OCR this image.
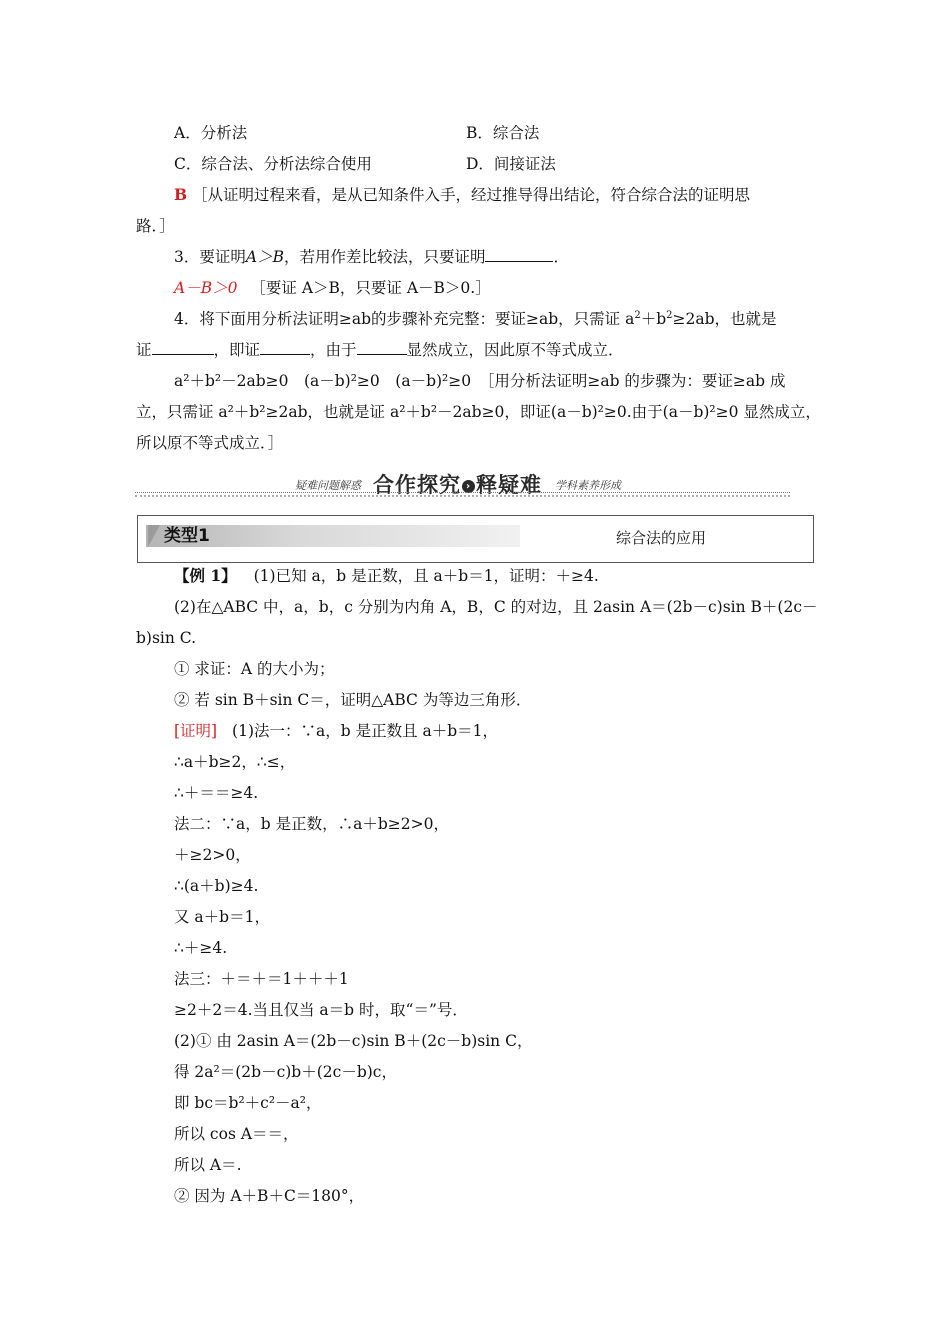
A．分析法	B．综合法
C．综合法、分析法综合使用	D．间接证法
B ［从证明过程来看，是从已知条件入手，经过推导得出结论，符合综合法的证明思
路．］
3．要证明A＞B，若用作差比较法，只要证明	．
A－B＞0 ［要证 A＞B，只要证 A－B＞0.］
4．将下面用分析法证明≥ab的步骤补充完整：要证≥ab，只需证 $a^2+b^2\ge 2ab$，也就是
证	，即证	，由于	显然成立，因此原不等式成立．
a²＋b²－2ab≥0　(a－b)²≥0　(a－b)²≥0　［用分析法证明≥ab 的步骤为：要证≥ab 成
立，只需证 a²＋b²≥2ab，也就是证 a²＋b²－2ab≥0，即证(a－b)²≥0.由于(a－b)²≥0 显然成立，
所以原不等式成立．］
疑难问题解惑 合作探究 › 释疑难 学科素养形成
类型1	综合法的应用
【例 1】 (1)已知 a，b 是正数，且 a＋b＝1，证明：＋≥4.
(2)在△ABC 中，a，b，c 分别为内角 A，B，C 的对边，且 2asin A＝(2b－c)sin B＋(2c－
b)sin C.
① 求证：A 的大小为；
② 若 sin B＋sin C＝，证明△ABC 为等边三角形．
[证明] (1)法一：∵a，b 是正数且 a＋b＝1，
∴a＋b≥2，∴≤，
∴＋＝＝≥4.
法二：∵a，b 是正数，∴a＋b≥2>0，
＋≥2>0，
∴(a＋b)≥4.
又 a＋b＝1，
∴＋≥4.
法三：＋＝＋＝1＋＋＋1
≥2＋2＝4.当且仅当 a＝b 时，取“＝”号．
(2)① 由 2asin A＝(2b－c)sin B＋(2c－b)sin C，
得 2a²＝(2b－c)b＋(2c－b)c，
即 bc＝b²＋c²－a²，
所以 cos A＝＝，
所以 A＝.
② 因为 A＋B＋C＝180°，
